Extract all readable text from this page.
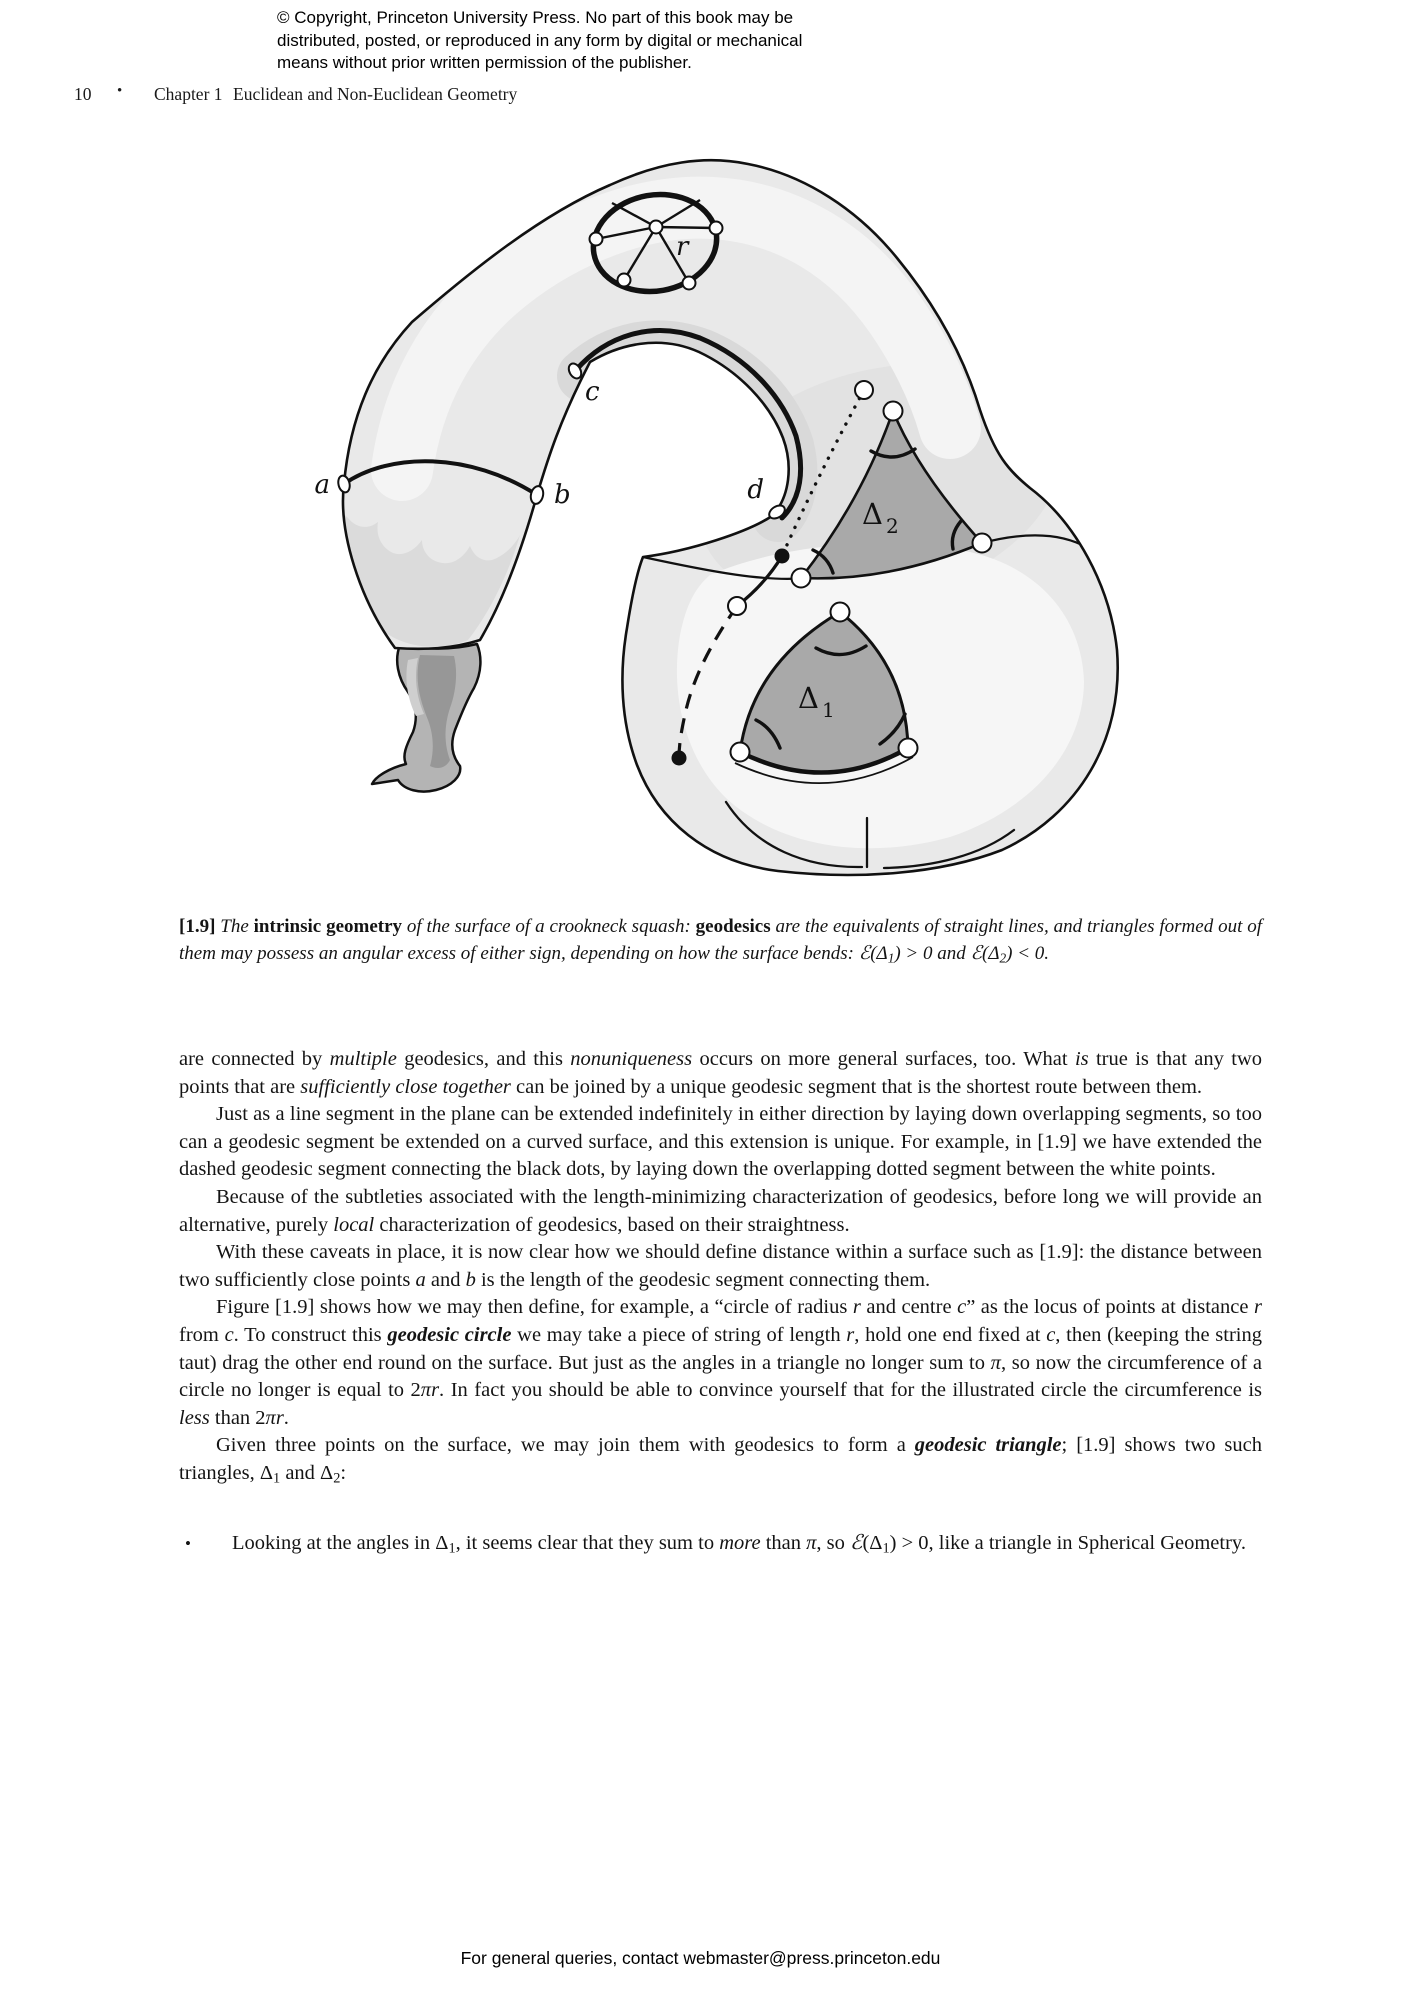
© Copyright, Princeton University Press. No part of this book may be
distributed, posted, or reproduced in any form by digital or mechanical
means without prior written permission of the publisher.
10 • Chapter 1 Euclidean and Non-Euclidean Geometry
a	b
c
d
r
Δ 2
Δ 1
[1.9] The intrinsic geometry of the surface of a crookneck squash: geodesics are the equivalents of straight lines, and triangles formed out of them may possess an angular excess of either sign, depending on how the surface bends: ℰ(Δ1) > 0 and ℰ(Δ2) < 0.
are connected by multiple geodesics, and this nonuniqueness occurs on more general surfaces, too. What is true is that any two points that are sufficiently close together can be joined by a unique geodesic segment that is the shortest route between them.
Just as a line segment in the plane can be extended indefinitely in either direction by laying down overlapping segments, so too can a geodesic segment be extended on a curved surface, and this extension is unique. For example, in [1.9] we have extended the dashed geodesic segment connecting the black dots, by laying down the overlapping dotted segment between the white points.
Because of the subtleties associated with the length-minimizing characterization of geodesics, before long we will provide an alternative, purely local characterization of geodesics, based on their straightness.
With these caveats in place, it is now clear how we should define distance within a surface such as [1.9]: the distance between two sufficiently close points a and b is the length of the geodesic segment connecting them.
Figure [1.9] shows how we may then define, for example, a “circle of radius r and centre c” as the locus of points at distance r from c. To construct this geodesic circle we may take a piece of string of length r, hold one end fixed at c, then (keeping the string taut) drag the other end round on the surface. But just as the angles in a triangle no longer sum to π, so now the circumference of a circle no longer is equal to 2πr. In fact you should be able to convince yourself that for the illustrated circle the circumference is less than 2πr.
Given three points on the surface, we may join them with geodesics to form a geodesic triangle; [1.9] shows two such triangles, Δ1 and Δ2:
• Looking at the angles in Δ1, it seems clear that they sum to more than π, so ℰ(Δ1) > 0, like a triangle in Spherical Geometry.
For general queries, contact webmaster@press.princeton.edu
